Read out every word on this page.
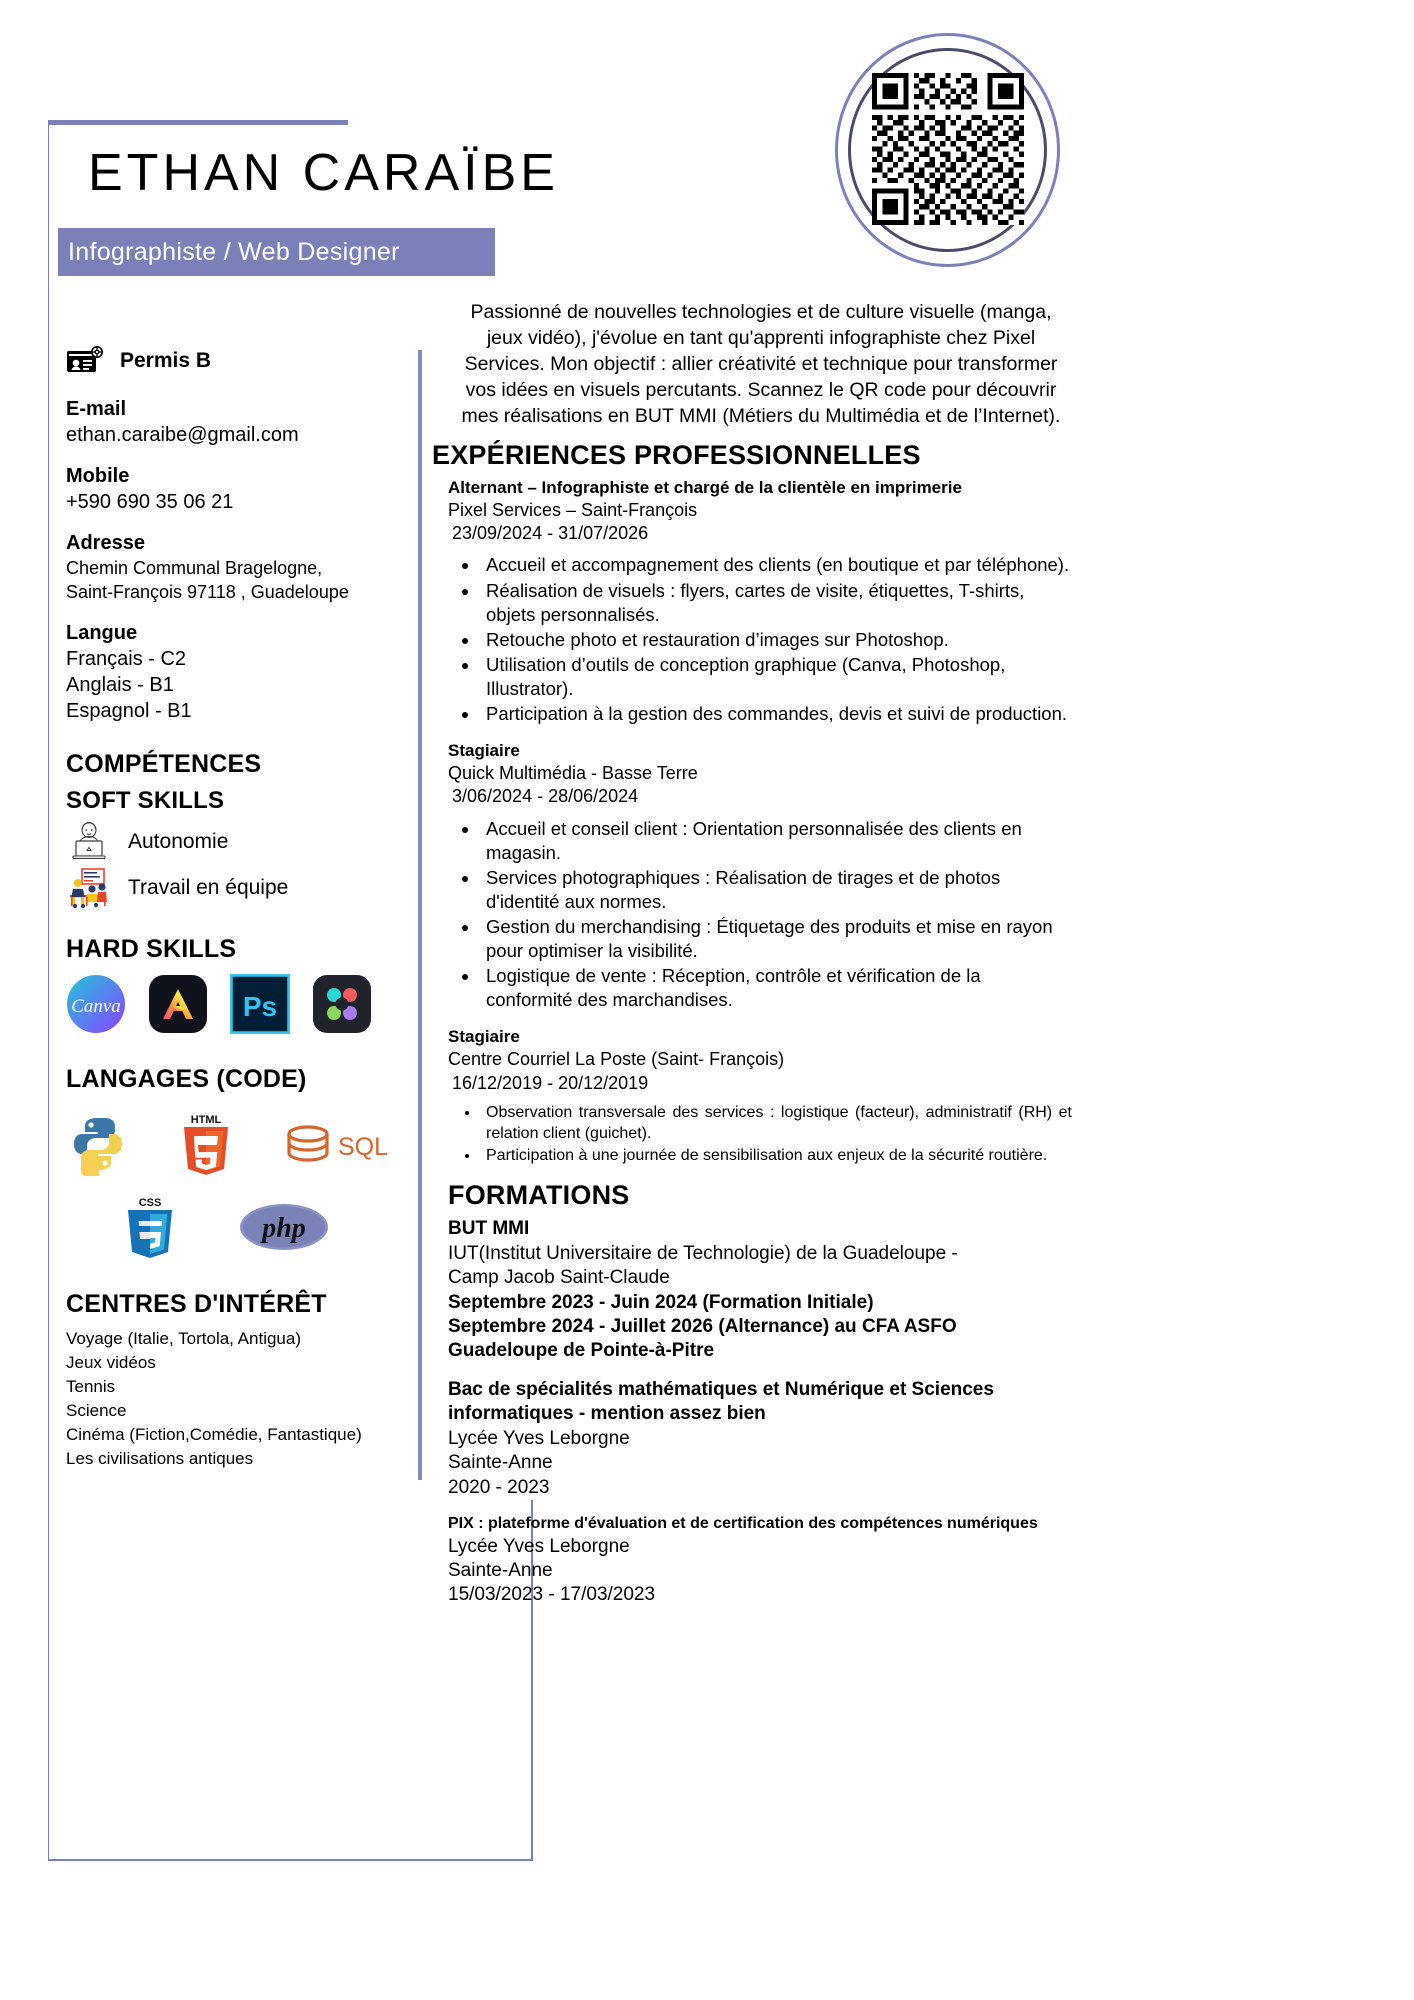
ETHAN CARAÏBE
Infographiste / Web Designer
Permis B
E-mail
ethan.caraibe@gmail.com
Mobile
+590 690 35 06 21
Adresse
Chemin Communal Bragelogne,
Saint-François 97118 , Guadeloupe
Langue
Français - C2
Anglais - B1
Espagnol - B1
COMPÉTENCES
SOFT SKILLS
Autonomie
Travail en équipe
HARD SKILLS
Canva	Ps
LANGAGES (CODE)
HTML
SQL
CSS
php
CENTRES D'INTÉRÊT
Voyage (Italie, Tortola, Antigua)
Jeux vidéos
Tennis
Science
Cinéma (Fiction,Comédie, Fantastique)
Les civilisations antiques
Passionné de nouvelles technologies et de culture visuelle (manga, jeux vidéo), j'évolue en tant qu'apprenti infographiste chez Pixel Services. Mon objectif : allier créativité et technique pour transformer vos idées en visuels percutants. Scannez le QR code pour découvrir mes réalisations en BUT MMI (Métiers du Multimédia et de l’Internet).
EXPÉRIENCES PROFESSIONNELLES
Alternant – Infographiste et chargé de la clientèle en imprimerie
Pixel Services – Saint-François
23/09/2024 - 31/07/2026
• Accueil et accompagnement des clients (en boutique et par téléphone).
• Réalisation de visuels : flyers, cartes de visite, étiquettes, T-shirts, objets personnalisés.
• Retouche photo et restauration d’images sur Photoshop.
• Utilisation d’outils de conception graphique (Canva, Photoshop, Illustrator).
• Participation à la gestion des commandes, devis et suivi de production.
Stagiaire
Quick Multimédia - Basse Terre
3/06/2024 - 28/06/2024
• Accueil et conseil client : Orientation personnalisée des clients en magasin.
• Services photographiques : Réalisation de tirages et de photos d'identité aux normes.
• Gestion du merchandising : Étiquetage des produits et mise en rayon pour optimiser la visibilité.
• Logistique de vente : Réception, contrôle et vérification de la conformité des marchandises.
Stagiaire
Centre Courriel La Poste (Saint- François)
16/12/2019 - 20/12/2019
• Observation transversale des services : logistique (facteur), administratif (RH) et relation client (guichet).
• Participation à une journée de sensibilisation aux enjeux de la sécurité routière.
FORMATIONS
BUT MMI
IUT(Institut Universitaire de Technologie) de la Guadeloupe -
Camp Jacob Saint-Claude
Septembre 2023 - Juin 2024 (Formation Initiale)
Septembre 2024 - Juillet 2026 (Alternance) au CFA ASFO
Guadeloupe de Pointe-à-Pitre
Bac de spécialités mathématiques et Numérique et Sciences informatiques - mention assez bien
Lycée Yves Leborgne
Sainte-Anne
2020 - 2023
PIX : plateforme d'évaluation et de certification des compétences numériques
Lycée Yves Leborgne
Sainte-Anne
15/03/2023 - 17/03/2023
